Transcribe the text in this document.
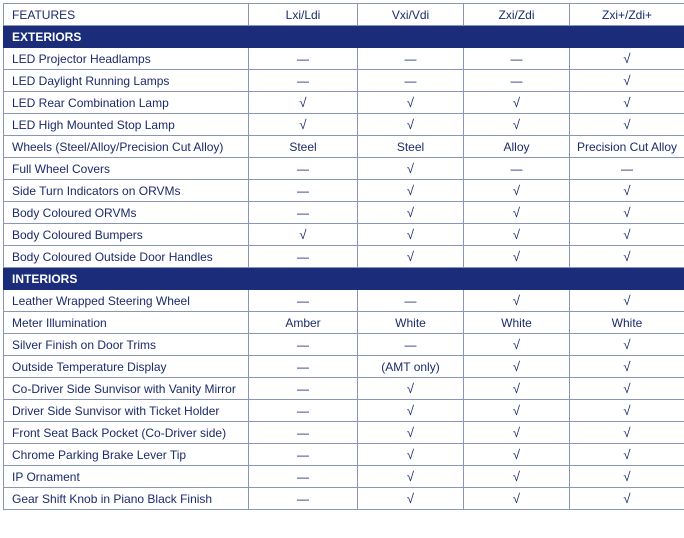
FEATURES	Lxi/Ldi	Vxi/Vdi	Zxi/Zdi	Zxi+/Zdi+
EXTERIORS				
LED Projector Headlamps	—	—	—	√
LED Daylight Running Lamps	—	—	—	√
LED Rear Combination Lamp	√	√	√	√
LED High Mounted Stop Lamp	√	√	√	√
Wheels (Steel/Alloy/Precision Cut Alloy)	Steel	Steel	Alloy	Precision Cut Alloy
Full Wheel Covers	—	√	—	—
Side Turn Indicators on ORVMs	—	√	√	√
Body Coloured ORVMs	—	√	√	√
Body Coloured Bumpers	√	√	√	√
Body Coloured Outside Door Handles	—	√	√	√
INTERIORS				
Leather Wrapped Steering Wheel	—	—	√	√
Meter Illumination	Amber	White	White	White
Silver Finish on Door Trims	—	—	√	√
Outside Temperature Display	—	(AMT only)	√	√
Co-Driver Side Sunvisor with Vanity Mirror	—	√	√	√
Driver Side Sunvisor with Ticket Holder	—	√	√	√
Front Seat Back Pocket (Co-Driver side)	—	√	√	√
Chrome Parking Brake Lever Tip	—	√	√	√
IP Ornament	—	√	√	√
Gear Shift Knob in Piano Black Finish	—	√	√	√
